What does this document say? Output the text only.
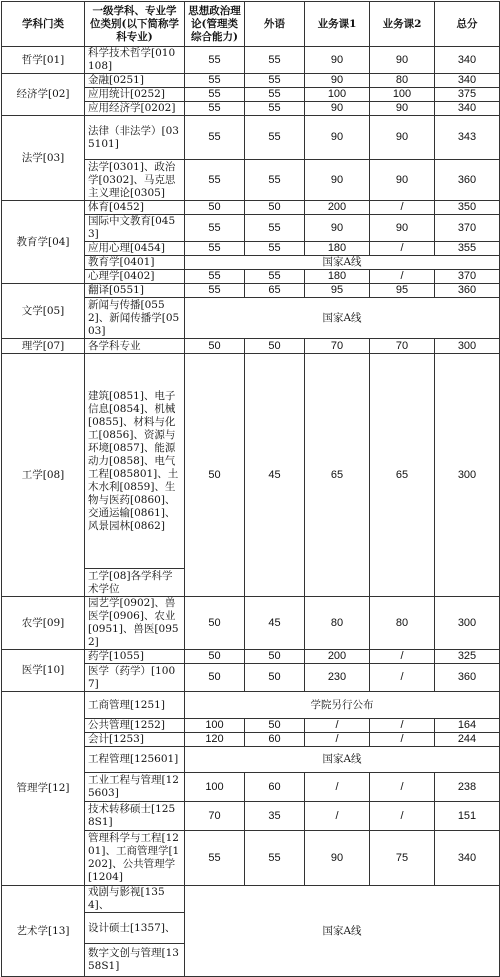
学科门类	一级学科、专业学位类别(以下简称学科专业)	思想政治理论(管理类综合能力)	外语	业务课1	业务课2	总分
哲学[01]	科学技术哲学[010108]	55	55	90	90	340
经济学[02]	金融[0251]	55	55	90	80	340
	应用统计[0252]	55	55	100	100	375
	应用经济学[0202]	55	55	90	90	340
法学[03]	法律（非法学）[035101]	55	55	90	90	343
	法学[0301]、政治学[0302]、马克思主义理论[0305]	55	55	90	90	360
教育学[04]	体育[0452]	50	50	200	/	350
	国际中文教育[0453]	55	55	90	90	370
	应用心理[0454]	55	55	180	/	355
	教育学[0401]	国家A线				
	心理学[0402]	55	55	180	/	370
文学[05]	翻译[0551]	55	65	95	95	360
	新闻与传播[0552]、新闻传播学[0503]	国家A线				
理学[07]	各学科专业	50	50	70	70	300
工学[08]	建筑[0851]、电子信息[0854]、机械[0855]、材料与化工[0856]、资源与环境[0857]、能源动力[0858]、电气工程[085801]、土木水利[0859]、生物与医药[0860]、交通运输[0861]、风景园林[0862]	50	45	65	65	300
	工学[08]各学科学术学位					
农学[09]	园艺学[0902]、兽医学[0906]、农业[0951]、兽医[0952]	50	45	80	80	300
医学[10]	药学[1055]	50	50	200	/	325
	医学（药学）[1007]	50	50	230	/	360
管理学[12]	工商管理[1251]	学院另行公布				
	公共管理[1252]	100	50	/	/	164
	会计[1253]	120	60	/	/	244
	工程管理[125601]	国家A线				
	工业工程与管理[125603]	100	60	/	/	238
	技术转移硕士[1258S1]	70	35	/	/	151
	管理科学与工程[1201]、工商管理学[1202]、公共管理学[1204]	55	55	90	75	340
艺术学[13]	戏剧与影视[1354]、	国家A线				
	设计硕士[1357]、					
	数字文创与管理[1358S1]					
